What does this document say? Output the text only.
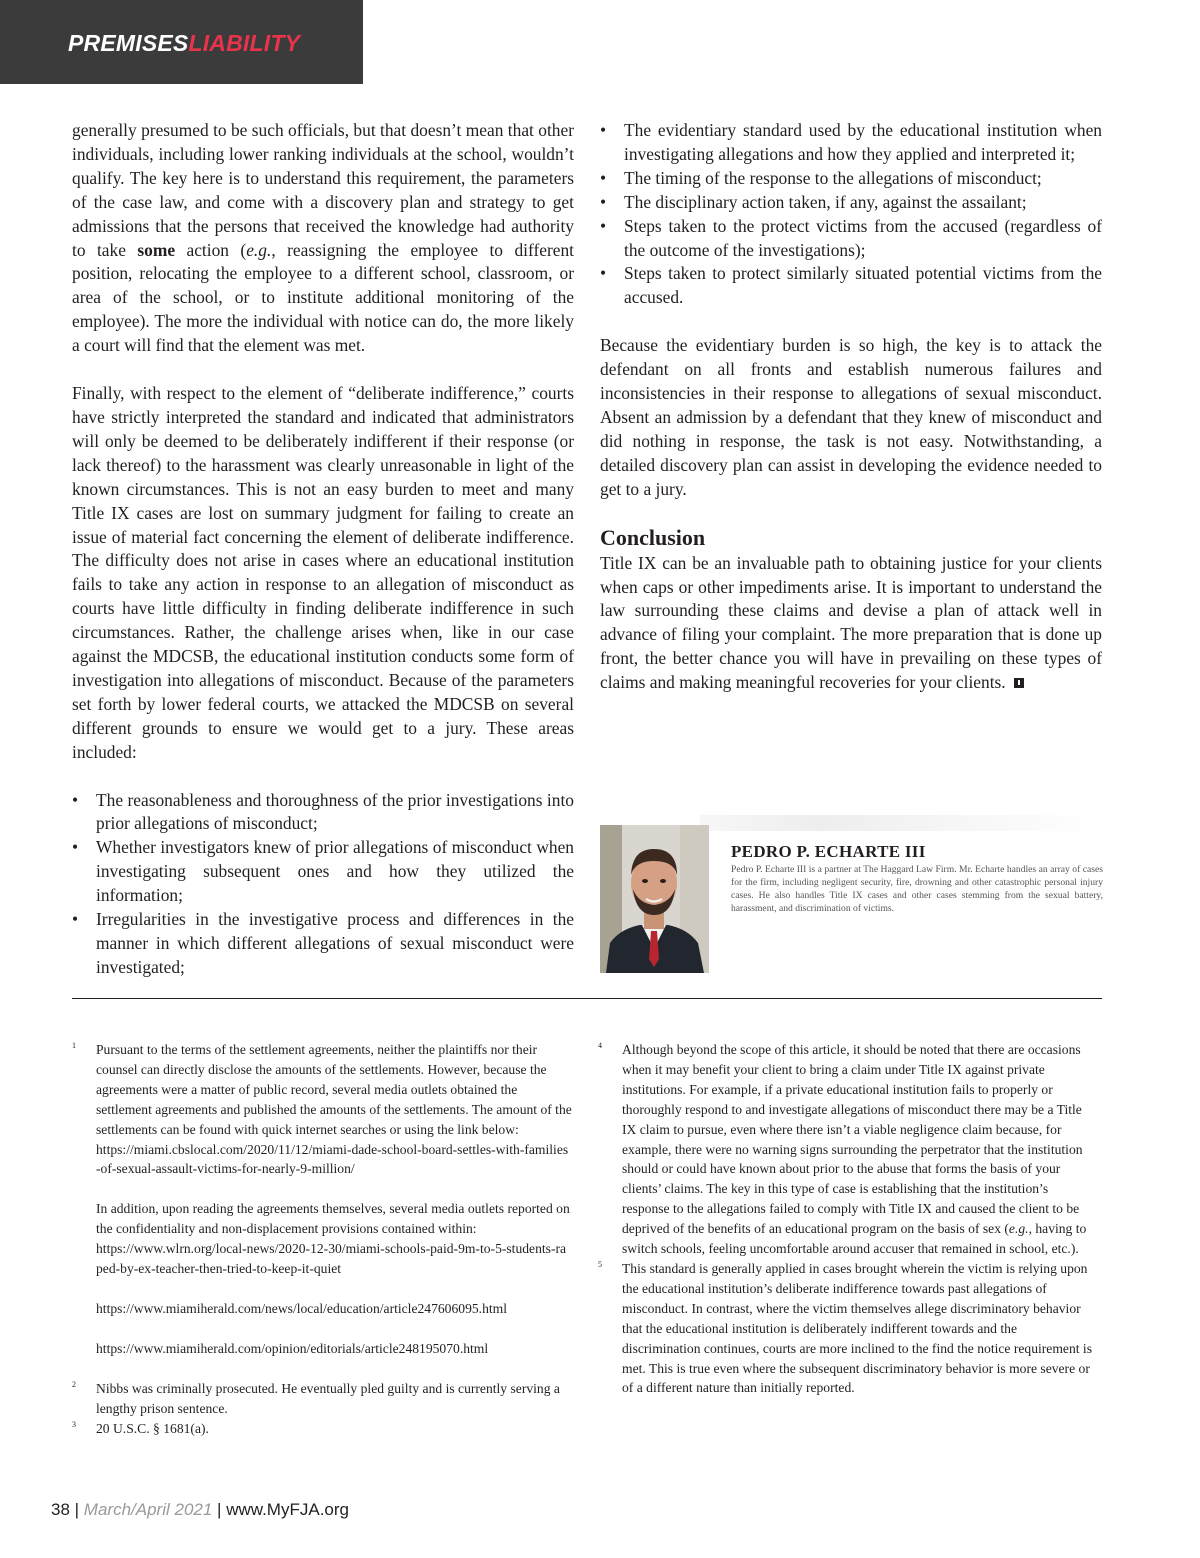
PREMISESLIABILITY

generally presumed to be such officials, but that doesn’t mean that other individuals, including lower ranking individuals at the school, wouldn’t qualify. The key here is to understand this requirement, the parameters of the case law, and come with a discovery plan and strategy to get admissions that the persons that received the knowledge had authority to take some action (e.g., reassigning the employee to different position, relocating the employee to a different school, classroom, or area of the school, or to institute additional monitoring of the employee). The more the individual with notice can do, the more likely a court will find that the element was met.

Finally, with respect to the element of “deliberate indifference,” courts have strictly interpreted the standard and indicated that administrators will only be deemed to be deliberately indifferent if their response (or lack thereof) to the harassment was clearly unreasonable in light of the known circumstances. This is not an easy burden to meet and many Title IX cases are lost on summary judgment for failing to create an issue of material fact concerning the element of deliberate indifference. The difficulty does not arise in cases where an educational institution fails to take any action in response to an allegation of misconduct as courts have little difficulty in finding deliberate indifference in such circumstances. Rather, the challenge arises when, like in our case against the MDCSB, the educational institution conducts some form of investigation into allegations of misconduct. Because of the parameters set forth by lower federal courts, we attacked the MDCSB on several different grounds to ensure we would get to a jury. These areas included:

• The reasonableness and thoroughness of the prior investigations into prior allegations of misconduct;
• Whether investigators knew of prior allegations of misconduct when investigating subsequent ones and how they utilized the information;
• Irregularities in the investigative process and differences in the manner in which different allegations of sexual misconduct were investigated;
• The evidentiary standard used by the educational institution when investigating allegations and how they applied and interpreted it;
• The timing of the response to the allegations of misconduct;
• The disciplinary action taken, if any, against the assailant;
• Steps taken to the protect victims from the accused (regardless of the outcome of the investigations);
• Steps taken to protect similarly situated potential victims from the accused.

Because the evidentiary burden is so high, the key is to attack the defendant on all fronts and establish numerous failures and inconsistencies in their response to allegations of sexual misconduct. Absent an admission by a defendant that they knew of misconduct and did nothing in response, the task is not easy. Notwithstanding, a detailed discovery plan can assist in developing the evidence needed to get to a jury.

Conclusion

Title IX can be an invaluable path to obtaining justice for your clients when caps or other impediments arise. It is important to understand the law surrounding these claims and devise a plan of attack well in advance of filing your complaint. The more preparation that is done up front, the better chance you will have in prevailing on these types of claims and making meaningful recoveries for your clients.

PEDRO P. ECHARTE III
Pedro P. Echarte III is a partner at The Haggard Law Firm. Mr. Echarte handles an array of cases for the firm, including negligent security, fire, drowning and other catastrophic personal injury cases. He also handles Title IX cases and other cases stemming from the sexual battery, harassment, and discrimination of victims.
1 Pursuant to the terms of the settlement agreements, neither the plaintiffs nor their counsel can directly disclose the amounts of the settlements. However, because the agreements were a matter of public record, several media outlets obtained the settlement agreements and published the amounts of the settlements. The amount of the settlements can be found with quick internet searches or using the link below:

https://miami.cbslocal.com/2020/11/12/miami-dade-school-board-settles-with-families-of-sexual-assault-victims-for-nearly-9-million/

In addition, upon reading the agreements themselves, several media outlets reported on the confidentiality and non-displacement provisions contained within:

https://www.wlrn.org/local-news/2020-12-30/miami-schools-paid-9m-to-5-students-raped-by-ex-teacher-then-tried-to-keep-it-quiet

https://www.miamiherald.com/news/local/education/article247606095.html

https://www.miamiherald.com/opinion/editorials/article248195070.html

2 Nibbs was criminally prosecuted. He eventually pled guilty and is currently serving a lengthy prison sentence.

3 20 U.S.C. § 1681(a).

4 Although beyond the scope of this article, it should be noted that there are occasions when it may benefit your client to bring a claim under Title IX against private institutions. For example, if a private educational institution fails to properly or thoroughly respond to and investigate allegations of misconduct there may be a Title IX claim to pursue, even where there isn’t a viable negligence claim because, for example, there were no warning signs surrounding the perpetrator that the institution should or could have known about prior to the abuse that forms the basis of your clients’ claims. The key in this type of case is establishing that the institution’s response to the allegations failed to comply with Title IX and caused the client to be deprived of the benefits of an educational program on the basis of sex (e.g., having to switch schools, feeling uncomfortable around accuser that remained in school, etc.).

5 This standard is generally applied in cases brought wherein the victim is relying upon the educational institution’s deliberate indifference towards past allegations of misconduct. In contrast, where the victim themselves allege discriminatory behavior that the educational institution is deliberately indifferent towards and the discrimination continues, courts are more inclined to the find the notice requirement is met. This is true even where the subsequent discriminatory behavior is more severe or of a different nature than initially reported.

38 | March/April 2021 | www.MyFJA.org
